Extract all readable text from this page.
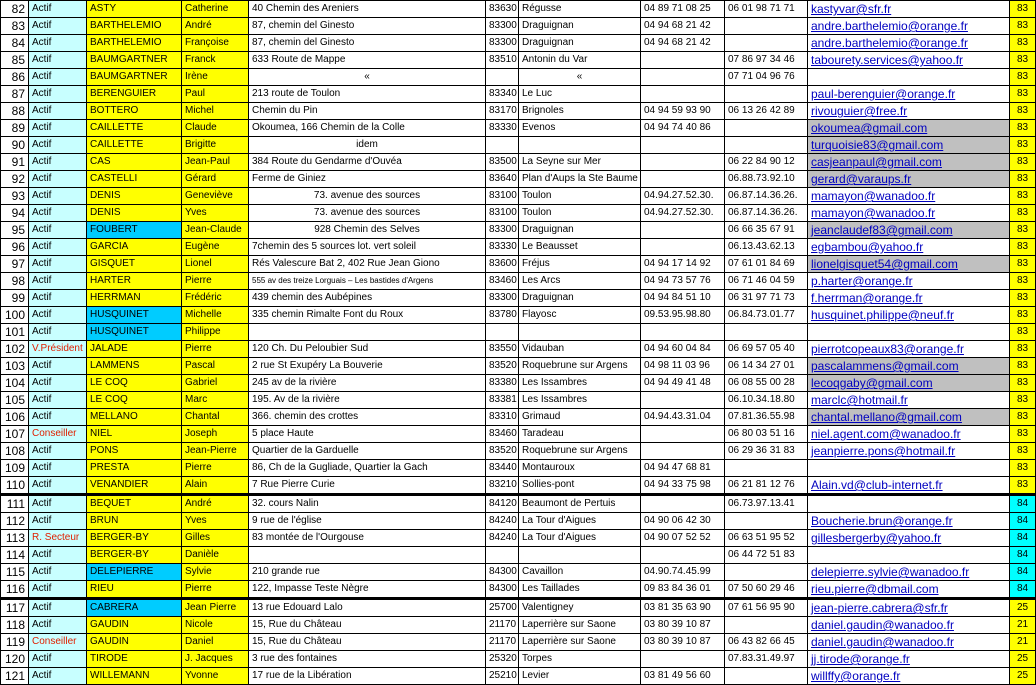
82	Actif	ASTY	Catherine	40 Chemin des Areniers	83630	Régusse	04 89 71 08 25	06 01 98 71 71	kastyvar@sfr.fr	83
83	Actif	BARTHELEMIO	André	87, chemin del Ginesto	83300	Draguignan	04 94 68 21 42		andre.barthelemio@orange.fr	83
84	Actif	BARTHELEMIO	Françoise	87, chemin del Ginesto	83300	Draguignan	04 94 68 21 42		andre.barthelemio@orange.fr	83
85	Actif	BAUMGARTNER	Franck	633 Route de Mappe	83510	Antonin du Var		07 86 97 34 46	tabourety.services@yahoo.fr	83
86	Actif	BAUMGARTNER	Irène	«		«		07 71 04 96 76		83
87	Actif	BERENGUIER	Paul	213 route de Toulon	83340	Le Luc			paul-berenguier@orange.fr	83
88	Actif	BOTTERO	Michel	Chemin du Pin	83170	Brignoles	04 94 59 93 90	06 13 26 42 89	rivouguier@free.fr	83
89	Actif	CAILLETTE	Claude	Okoumea, 166 Chemin de la Colle	83330	Evenos	04 94 74 40 86		okoumea@gmail.com	83
90	Actif	CAILLETTE	Brigitte	idem					turquoisie83@gmail.com	83
91	Actif	CAS	Jean-Paul	384 Route du Gendarme d'Ouvéa	83500	La Seyne sur Mer		06 22 84 90 12	casjeanpaul@gmail.com	83
92	Actif	CASTELLI	Gérard	Ferme de Giniez	83640	Plan d'Aups la Ste Baume		06.88.73.92.10	gerard@varaups.fr	83
93	Actif	DENIS	Geneviève	73. avenue des sources	83100	Toulon	04.94.27.52.30.	06.87.14.36.26.	mamayon@wanadoo.fr	83
94	Actif	DENIS	Yves	73. avenue des sources	83100	Toulon	04.94.27.52.30.	06.87.14.36.26.	mamayon@wanadoo.fr	83
95	Actif	FOUBERT	Jean-Claude	928 Chemin des Selves	83300	Draguignan		06 66 35 67 91	jeanclaudef83@gmail.com	83
96	Actif	GARCIA	Eugène	7chemin des 5 sources lot. vert soleil	83330	Le Beausset		06.13.43.62.13	egbambou@yahoo.fr	83
97	Actif	GISQUET	Lionel	Rés Valescure Bat 2, 402 Rue Jean Giono	83600	Fréjus	04 94 17 14 92	07 61 01 84 69	lionelgisquet54@gmail.com	83
98	Actif	HARTER	Pierre	555 av des treize Lorguais – Les bastides d'Argens	83460	Les Arcs	04 94 73 57 76	06 71 46 04 59	p.harter@orange.fr	83
99	Actif	HERRMAN	Frédéric	439 chemin des Aubépines	83300	Draguignan	04 94 84 51 10	06 31 97 71 73	f.herrman@orange.fr	83
100	Actif	HUSQUINET	Michelle	335 chemin Rimalte Font du Roux	83780	Flayosc	09.53.95.98.80	06.84.73.01.77	husquinet.philippe@neuf.fr	83
101	Actif	HUSQUINET	Philippe							83
102	V.Président	JALADE	Pierre	120 Ch. Du Peloubier Sud	83550	Vidauban	04 94 60 04 84	06 69 57 05 40	pierrotcopeaux83@orange.fr	83
103	Actif	LAMMENS	Pascal	2 rue St Exupéry La Bouverie	83520	Roquebrune sur Argens	04 98 11 03 96	06 14 34 27 01	pascalammens@gmail.com	83
104	Actif	LE COQ	Gabriel	245 av de la rivière	83380	Les Issambres	04 94 49 41 48	06 08 55 00 28	lecoqgaby@gmail.com	83
105	Actif	LE COQ	Marc	195. Av de la rivière	83381	Les Issambres		06.10.34.18.80	marclc@hotmail.fr	83
106	Actif	MELLANO	Chantal	366. chemin des crottes	83310	Grimaud	04.94.43.31.04	07.81.36.55.98	chantal.mellano@gmail.com	83
107	Conseiller	NIEL	Joseph	5 place Haute	83460	Taradeau		06 80 03 51 16	niel.agent.com@wanadoo.fr	83
108	Actif	PONS	Jean-Pierre	Quartier de la Garduelle	83520	Roquebrune sur Argens		06 29 36 31 83	jeanpierre.pons@hotmail.fr	83
109	Actif	PRESTA	Pierre	86, Ch de la Gugliade, Quartier la Gach	83440	Montauroux	04 94 47 68 81			83
110	Actif	VENANDIER	Alain	7 Rue Pierre Curie	83210	Sollies-pont	04 94 33 75 98	06 21 81 12 76	Alain.vd@club-internet.fr	83
111	Actif	BEQUET	André	32. cours Nalin	84120	Beaumont de Pertuis		06.73.97.13.41		84
112	Actif	BRUN	Yves	9 rue de l'église	84240	La Tour d'Aigues	04 90 06 42 30		Boucherie.brun@orange.fr	84
113	R. Secteur	BERGER-BY	Gilles	83 montée de l'Ourgouse	84240	La Tour d'Aigues	04 90 07 52 52	06 63 51 95 52	gillesbergerby@yahoo.fr	84
114	Actif	BERGER-BY	Danièle					06 44 72 51 83		84
115	Actif	DELEPIERRE	Sylvie	210 grande rue	84300	Cavaillon	04.90.74.45.99		delepierre.sylvie@wanadoo.fr	84
116	Actif	RIEU	Pierre	122, Impasse Teste Nègre	84300	Les Taillades	09 83 84 36 01	07 50 60 29 46	rieu.pierre@dbmail.com	84
117	Actif	CABRERA	Jean Pierre	13 rue Edouard Lalo	25700	Valentigney	03 81 35 63 90	07 61 56 95 90	jean-pierre.cabrera@sfr.fr	25
118	Actif	GAUDIN	Nicole	15, Rue du Château	21170	Laperrière sur Saone	03 80 39 10 87		daniel.gaudin@wanadoo.fr	21
119	Conseiller	GAUDIN	Daniel	15, Rue du Château	21170	Laperrière sur Saone	03 80 39 10 87	06 43 82 66 45	daniel.gaudin@wanadoo.fr	21
120	Actif	TIRODE	J. Jacques	3 rue des fontaines	25320	Torpes		07.83.31.49.97	jj.tirode@orange.fr	25
121	Actif	WILLEMANN	Yvonne	17 rue de la Libération	25210	Levier	03 81 49 56 60		willffy@orange.fr	25
